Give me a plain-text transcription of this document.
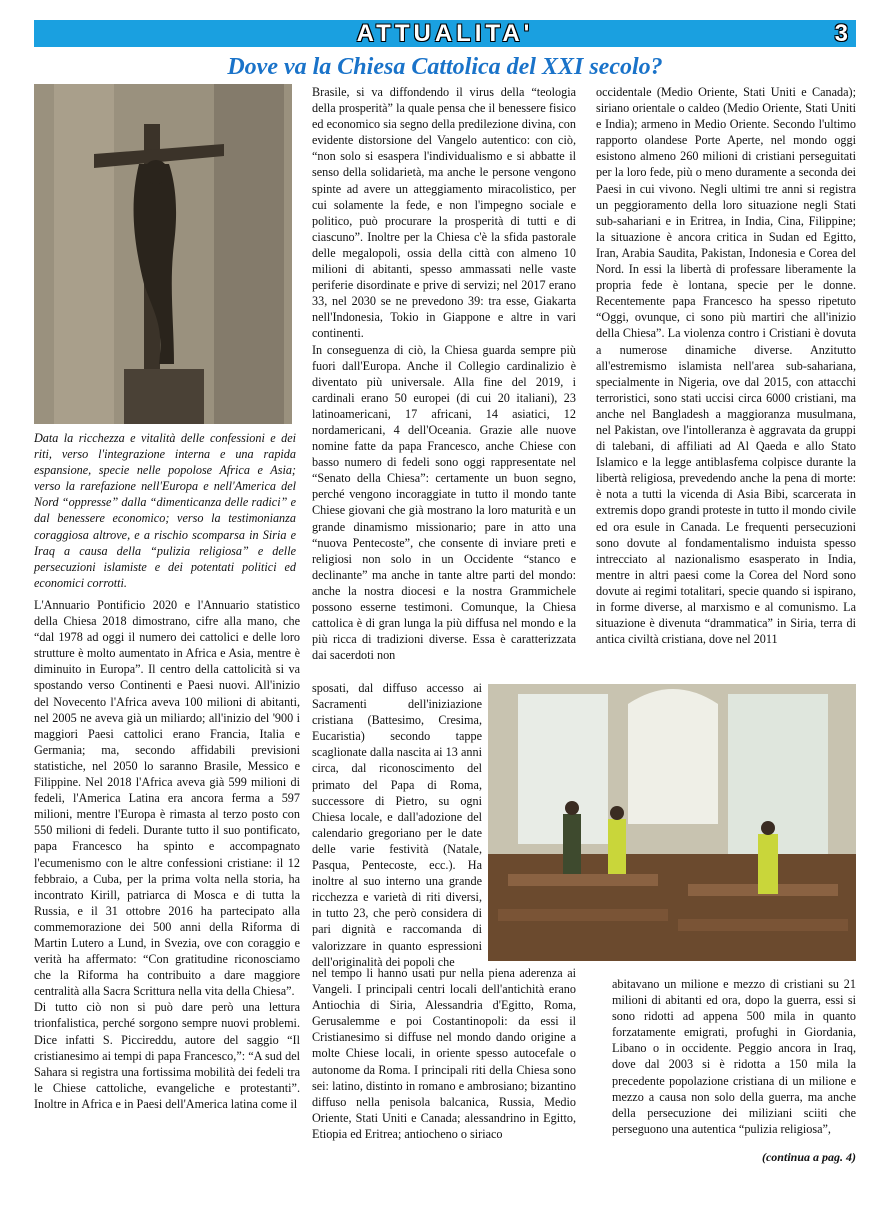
ATTUALITA'	3
Dove va la Chiesa Cattolica del XXI secolo?
Data la ricchezza e vitalità delle confessioni e dei riti, verso l'integrazione interna e una rapida espansione, specie nelle popolose Africa e Asia; verso la rarefazione nell'Europa e nell'America del Nord “oppresse” dalla “dimenticanza delle radici” e dal benessere economico; verso la testimonianza coraggiosa altrove, e a rischio scomparsa in Siria e Iraq a causa della “pulizia religiosa” e delle persecuzioni islamiste e dei potentati politici ed economici corrotti.

L'Annuario Pontificio 2020 e l'Annuario statistico della Chiesa 2018 dimostrano, cifre alla mano, che “dal 1978 ad oggi il numero dei cattolici e delle loro strutture è molto aumentato in Africa e Asia, mentre è diminuito in Europa”. Il centro della cattolicità si va spostando verso Continenti e Paesi nuovi. All'inizio del Novecento l'Africa aveva 100 milioni di abitanti, nel 2005 ne aveva già un miliardo; all'inizio del '900 i maggiori Paesi cattolici erano Francia, Italia e Germania; ma, secondo affidabili previsioni statistiche, nel 2050 lo saranno Brasile, Messico e Filippine. Nel 2018 l'Africa aveva già 599 milioni di fedeli, l'America Latina era ancora ferma a 597 milioni, mentre l'Europa è rimasta al terzo posto con 550 milioni di fedeli. Durante tutto il suo pontificato, papa Francesco ha spinto e accompagnato l'ecumenismo con le altre confessioni cristiane: il 12 febbraio, a Cuba, per la prima volta nella storia, ha incontrato Kirill, patriarca di Mosca e di tutta la Russia, e il 31 ottobre 2016 ha partecipato alla commemorazione dei 500 anni della Riforma di Martin Lutero a Lund, in Svezia, ove con coraggio e verità ha affermato: “Con gratitudine riconosciamo che la Riforma ha contribuito a dare maggiore centralità alla Sacra Scrittura nella vita della Chiesa”.

Di tutto ciò non si può dare però una lettura trionfalistica, perché sorgono sempre nuovi problemi. Dice infatti S. Piccireddu, autore del saggio “Il cristianesimo ai tempi di papa Francesco,”: “A sud del Sahara si registra una fortissima mobilità dei fedeli tra le Chiese cattoliche, evangeliche e protestanti”. Inoltre in Africa e in Paesi dell'America latina come il

Brasile, si va diffondendo il virus della “teologia della prosperità” la quale pensa che il benessere fisico ed economico sia segno della predilezione divina, con evidente distorsione del Vangelo autentico: con ciò, “non solo si esaspera l'individualismo e si abbatte il senso della solidarietà, ma anche le persone vengono spinte ad avere un atteggiamento miracolistico, per cui solamente la fede, e non l'impegno sociale e politico, può procurare la prosperità di tutti e di ciascuno”. Inoltre per la Chiesa c'è la sfida pastorale delle megalopoli, ossia della città con almeno 10 milioni di abitanti, spesso ammassati nelle vaste periferie disordinate e prive di servizi; nel 2017 erano 33, nel 2030 se ne prevedono 39: tra esse, Giakarta nell'Indonesia, Tokio in Giappone e altre in vari continenti.

In conseguenza di ciò, la Chiesa guarda sempre più fuori dall'Europa. Anche il Collegio cardinalizio è diventato più universale. Alla fine del 2019, i cardinali erano 50 europei (di cui 20 italiani), 23 latinoamericani, 17 africani, 14 asiatici, 12 nordamericani, 4 dell'Oceania. Grazie alle nuove nomine fatte da papa Francesco, anche Chiese con basso numero di fedeli sono oggi rappresentate nel “Senato della Chiesa”: certamente un buon segno, perché vengono incoraggiate in tutto il mondo tante Chiese giovani che già mostrano la loro maturità e un grande dinamismo missionario; pare in atto una “nuova Pentecoste”, che consente di inviare preti e religiosi non solo in un Occidente “stanco e declinante” ma anche in tante altre parti del mondo: anche la nostra diocesi e la nostra Grammichele possono esserne testimoni. Comunque, la Chiesa cattolica è di gran lunga la più diffusa nel mondo e la più ricca di tradizioni diverse. Essa è caratterizzata dai sacerdoti non

sposati, dal diffuso accesso ai Sacramenti dell'iniziazione cristiana (Battesimo, Cresima, Eucaristia) secondo tappe scaglionate dalla nascita ai 13 anni circa, dal riconoscimento del primato del Papa di Roma, successore di Pietro, su ogni Chiesa locale, e dall'adozione del calendario gregoriano per le date delle varie festività (Natale, Pasqua, Pentecoste, ecc.). Ha inoltre al suo interno una grande ricchezza e varietà di riti diversi, in tutto 23, che però considera di pari dignità e raccomanda di valorizzare in quanto espressioni dell'originalità dei popoli che

nel tempo li hanno usati pur nella piena aderenza ai Vangeli. I principali centri locali dell'antichità erano Antiochia di Siria, Alessandria d'Egitto, Roma, Gerusalemme e poi Costantinopoli: da essi il Cristianesimo si diffuse nel mondo dando origine a molte Chiese locali, in oriente spesso autocefale o autonome da Roma. I principali riti della Chiesa sono sei: latino, distinto in romano e ambrosiano; bizantino diffuso nella penisola balcanica, Russia, Medio Oriente, Stati Uniti e Canada; alessandrino in Egitto, Etiopia ed Eritrea; antiocheno o siriaco

occidentale (Medio Oriente, Stati Uniti e Canada); siriano orientale o caldeo (Medio Oriente, Stati Uniti e India); armeno in Medio Oriente. Secondo l'ultimo rapporto olandese Porte Aperte, nel mondo oggi esistono almeno 260 milioni di cristiani perseguitati per la loro fede, più o meno duramente a seconda dei Paesi in cui vivono. Negli ultimi tre anni si registra un peggioramento della loro situazione negli Stati sub-sahariani e in Eritrea, in India, Cina, Filippine; la situazione è ancora critica in Sudan ed Egitto, Iran, Arabia Saudita, Pakistan, Indonesia e Corea del Nord. In essi la libertà di professare liberamente la propria fede è lontana, specie per le donne. Recentemente papa Francesco ha spesso ripetuto “Oggi, ovunque, ci sono più martiri che all'inizio della Chiesa”. La violenza contro i Cristiani è dovuta a numerose dinamiche diverse. Anzitutto all'estremismo islamista nell'area sub-sahariana, specialmente in Nigeria, ove dal 2015, con attacchi terroristici, sono stati uccisi circa 6000 cristiani, ma anche nel Bangladesh a maggioranza musulmana, nel Pakistan, ove l'intolleranza è aggravata da gruppi di talebani, di affiliati ad Al Qaeda e allo Stato Islamico e la legge antiblasfema colpisce durante la libertà religiosa, prevedendo anche la pena di morte: è nota a tutti la vicenda di Asia Bibi, scarcerata in extremis dopo grandi proteste in tutto il mondo civile ed ora esule in Canada. Le frequenti persecuzioni sono dovute al fondamentalismo induista spesso intrecciato al nazionalismo esasperato in India, mentre in altri paesi come la Corea del Nord sono dovute ai regimi totalitari, specie quando si ispirano, in forme diverse, al marxismo e al comunismo. La situazione è divenuta “drammatica” in Siria, terra di antica civiltà cristiana, dove nel 2011

abitavano un milione e mezzo di cristiani su 21 milioni di abitanti ed ora, dopo la guerra, essi si sono ridotti ad appena 500 mila in quanto forzatamente emigrati, profughi in Giordania, Libano o in occidente. Peggio ancora in Iraq, dove dal 2003 si è ridotta a 150 mila la precedente popolazione cristiana di un milione e mezzo a causa non solo della guerra, ma anche della persecuzione dei miliziani sciiti che perseguono una autentica “pulizia religiosa”,

(continua a pag. 4)
